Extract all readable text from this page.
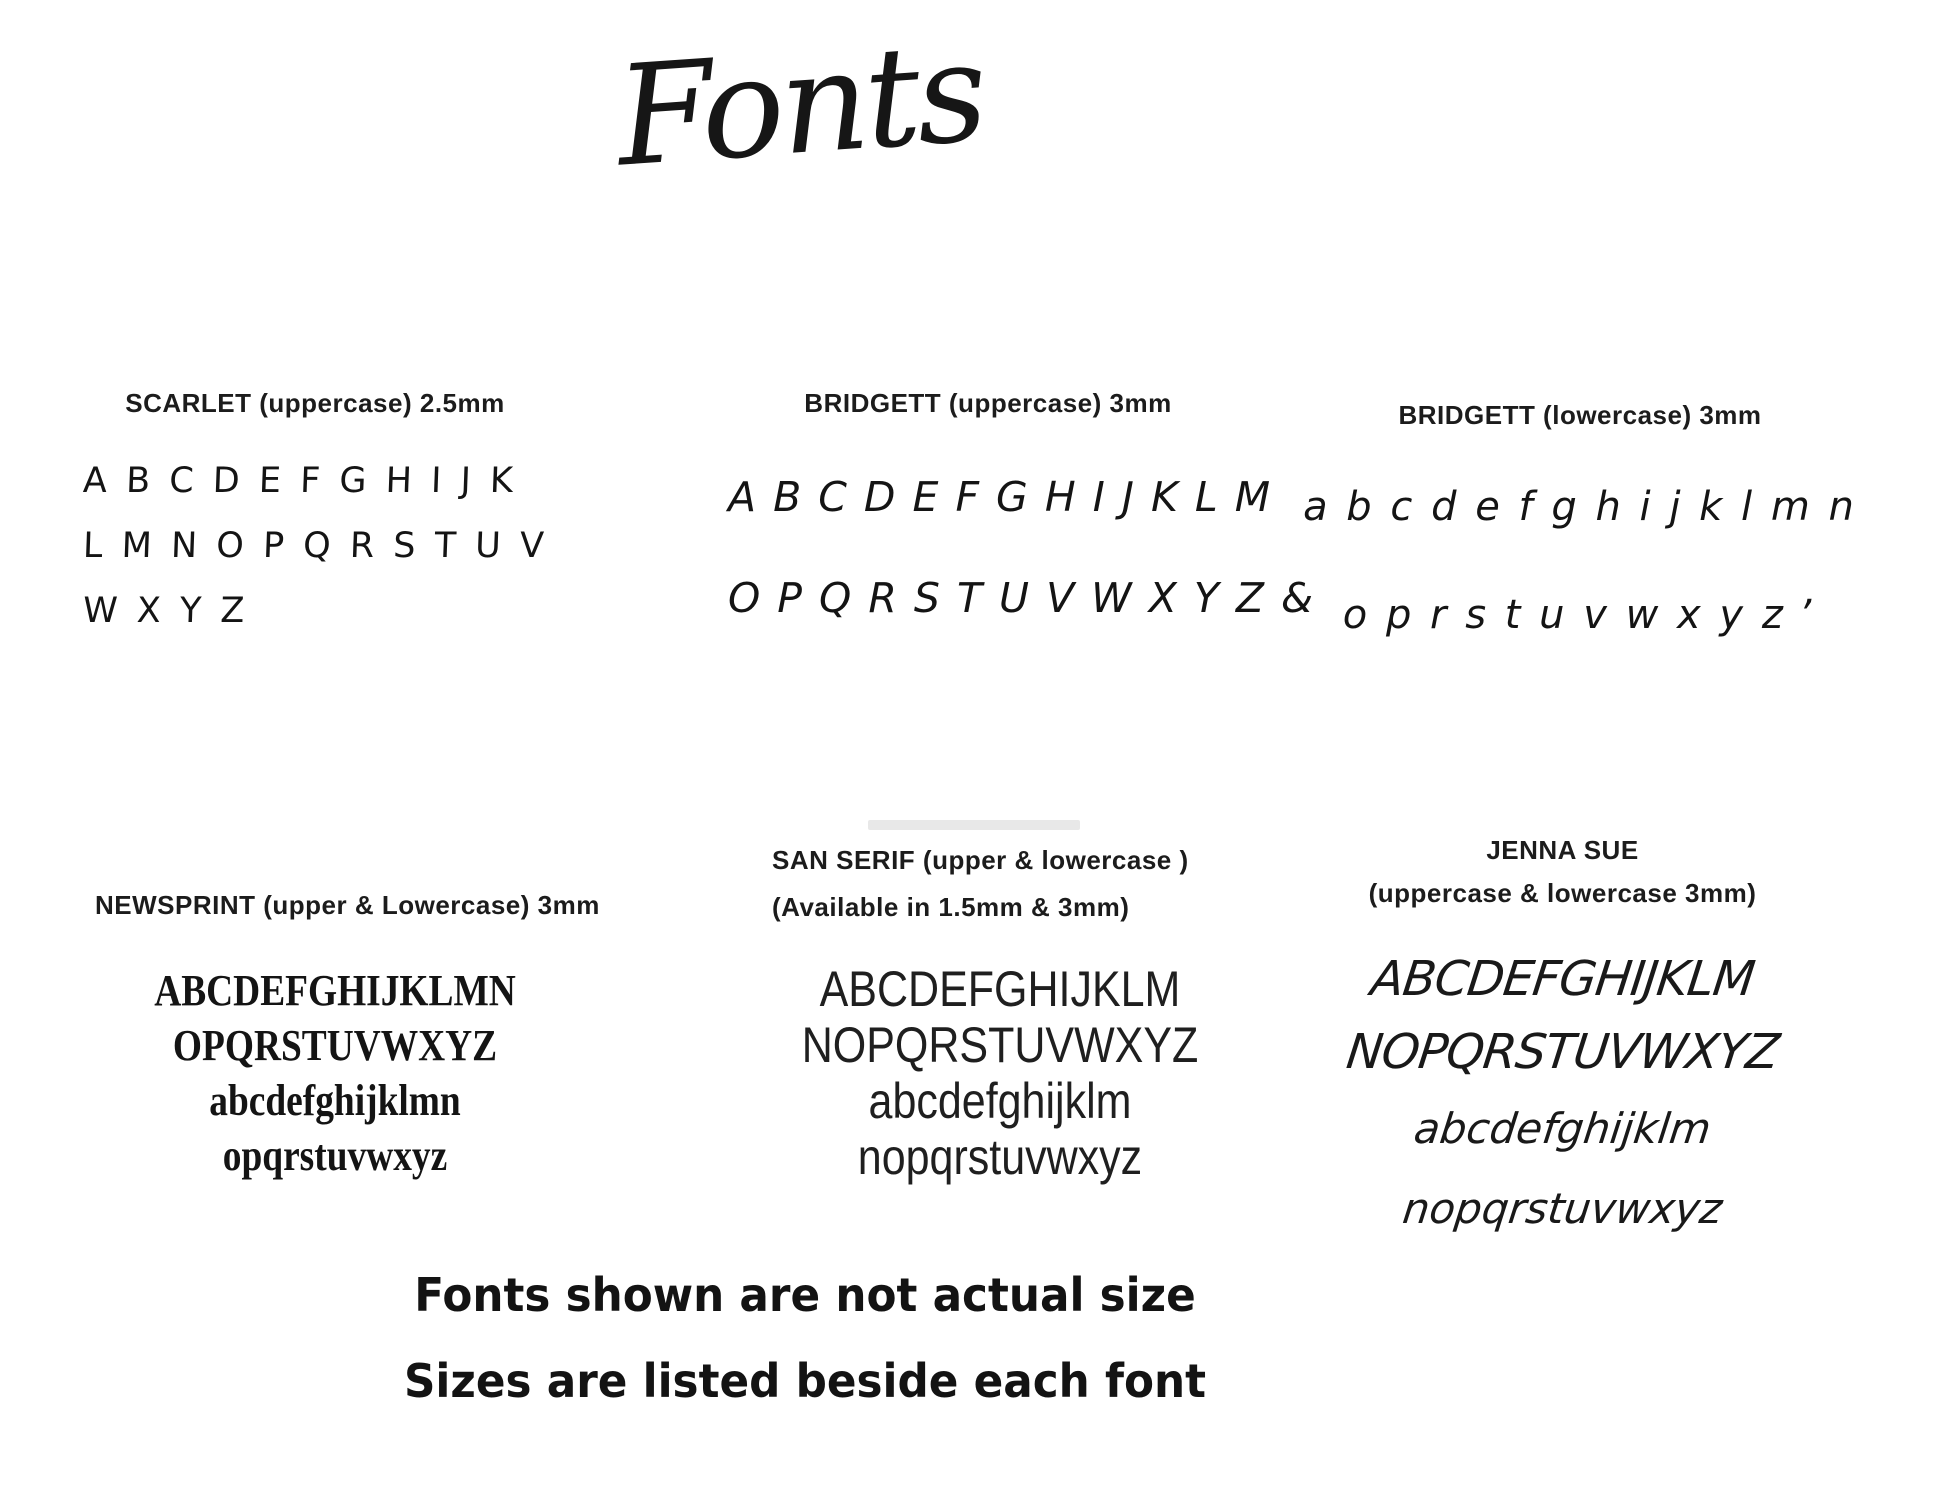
Fonts
SCARLET (uppercase) 2.5mm
A B C D E F G H I J K
L M N O P Q R S T U V
W X Y Z
BRIDGETT (uppercase) 3mm
A B C D E F G H I J K L M
O P Q R S T U V W X Y Z &
BRIDGETT (lowercase) 3mm
a b c d e f g h i j k l m n
o p r s t u v w x y z ʼ
NEWSPRINT (upper & Lowercase) 3mm
ABCDEFGHIJKLMN
OPQRSTUVWXYZ
abcdefghijklmn
opqrstuvwxyz
SAN SERIF (upper & lowercase )
(Available in 1.5mm & 3mm)
ABCDEFGHIJKLM
NOPQRSTUVWXYZ
abcdefghijklm
nopqrstuvwxyz
JENNA SUE
(uppercase & lowercase 3mm)
ABCDEFGHIJKLM
NOPQRSTUVWXYZ
abcdefghijklm
nopqrstuvwxyz
Fonts shown are not actual size
Sizes are listed beside each font
